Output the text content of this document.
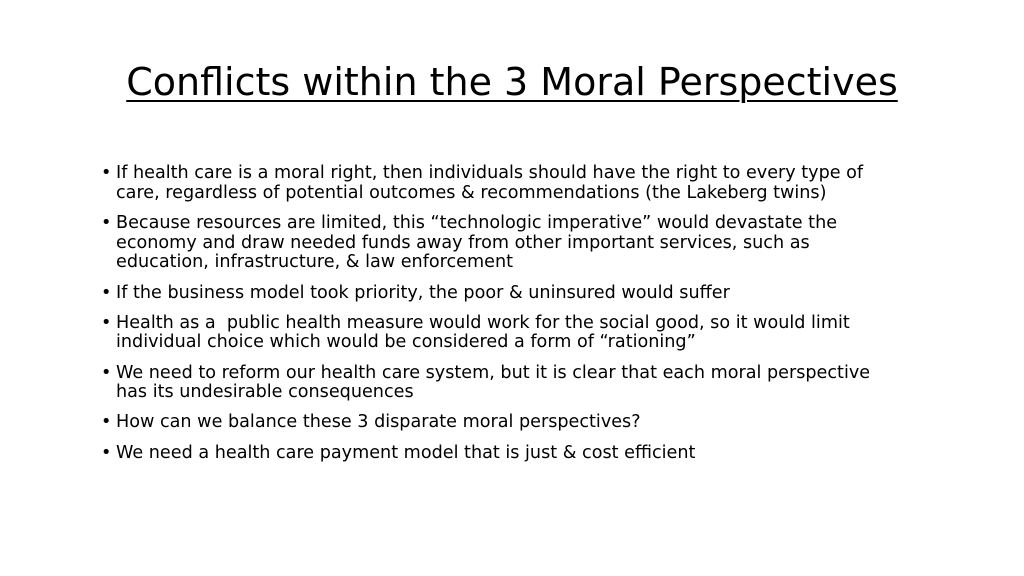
Conflicts within the 3 Moral Perspectives
• If health care is a moral right, then individuals should have the right to every type of care, regardless of potential outcomes & recommendations (the Lakeberg twins)
• Because resources are limited, this “technologic imperative” would devastate the economy and draw needed funds away from other important services, such as education, infrastructure, & law enforcement
• If the business model took priority, the poor & uninsured would suffer
• Health as a  public health measure would work for the social good, so it would limit individual choice which would be considered a form of “rationing”
• We need to reform our health care system, but it is clear that each moral perspective has its undesirable consequences
• How can we balance these 3 disparate moral perspectives?
• We need a health care payment model that is just & cost efficient
